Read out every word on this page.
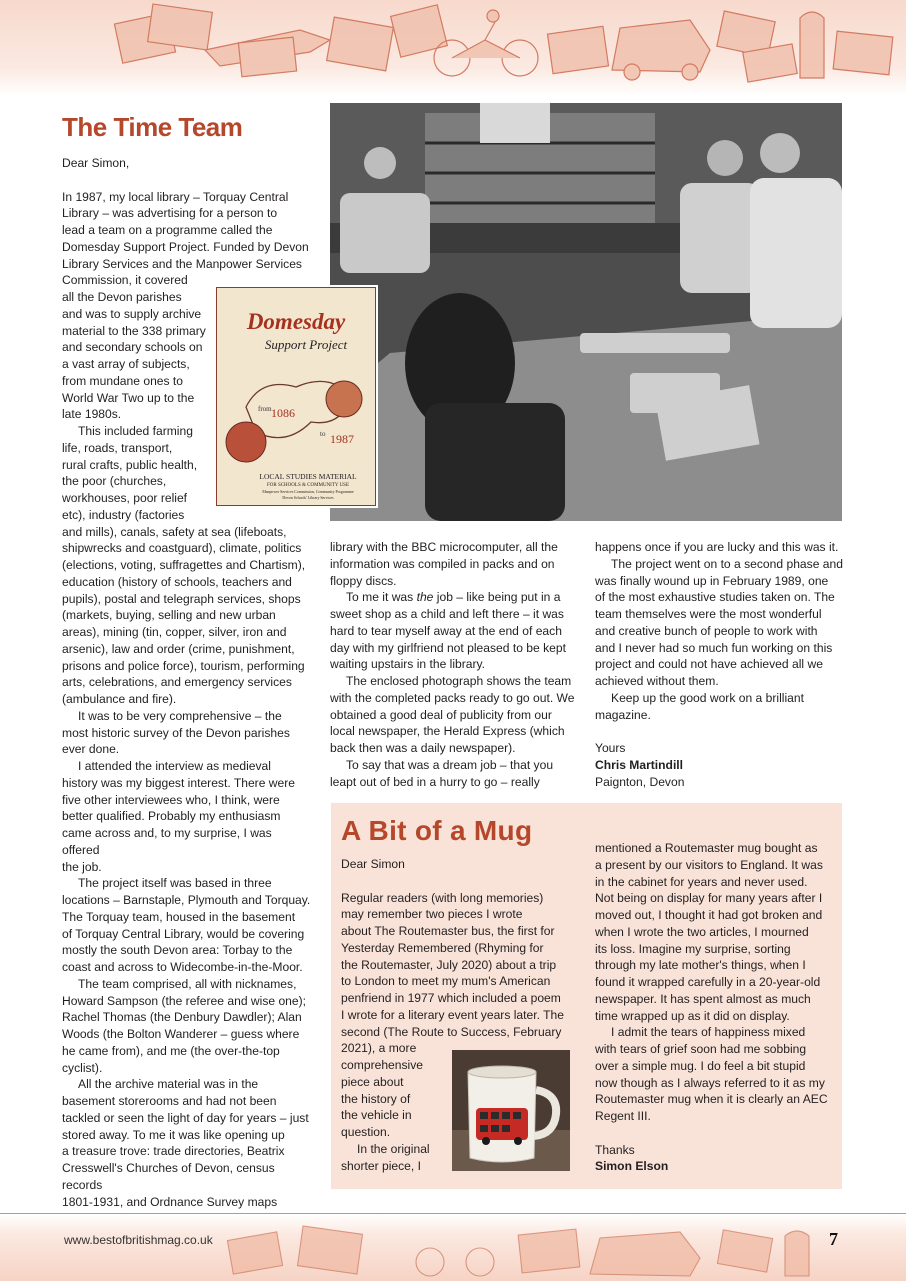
The Time Team

Dear Simon,

In 1987, my local library – Torquay Central

Library – was advertising for a person to

lead a team on a programme called the

Domesday Support Project. Funded by Devon

Library Services and the Manpower Services

Commission, it covered

all the Devon parishes

and was to supply archive

material to the 338 primary

and secondary schools on

a vast array of subjects,

from mundane ones to

World War Two up to the

late 1980s.

This included farming

life, roads, transport,

rural crafts, public health,

the poor (churches,

workhouses, poor relief

etc), industry (factories

and mills), canals, safety at sea (lifeboats,

shipwrecks and coastguard), climate, politics

(elections, voting, suffragettes and Chartism),

education (history of schools, teachers and

pupils), postal and telegraph services, shops

(markets, buying, selling and new urban

areas), mining (tin, copper, silver, iron and

arsenic), law and order (crime, punishment,

prisons and police force), tourism, performing

arts, celebrations, and emergency services

(ambulance and fire).

It was to be very comprehensive – the

most historic survey of the Devon parishes

ever done.

I attended the interview as medieval

history was my biggest interest. There were

five other interviewees who, I think, were

better qualified. Probably my enthusiasm

came across and, to my surprise, I was offered

the job.

The project itself was based in three

locations – Barnstaple, Plymouth and Torquay.

The Torquay team, housed in the basement

of Torquay Central Library, would be covering

mostly the south Devon area: Torbay to the

coast and across to Widecombe-in-the-Moor.

The team comprised, all with nicknames,

Howard Sampson (the referee and wise one);

Rachel Thomas (the Denbury Dawdler); Alan

Woods (the Bolton Wanderer – guess where

he came from), and me (the over-the-top

cyclist).

All the archive material was in the

basement storerooms and had not been

tackled or seen the light of day for years – just

stored away. To me it was like opening up

a treasure trove: trade directories, Beatrix

Cresswell's Churches of Devon, census records

1801-1931, and Ordnance Survey maps

Domesday
Support Project
from 1086
to 1987
LOCAL STUDIES MATERIAL
FOR SCHOOLS & COMMUNITY USE
Manpower Services Commission, Community Programme
Devon Schools' Library Services

library with the BBC microcomputer, all the

information was compiled in packs and on

floppy discs.

To me it was the job – like being put in a

sweet shop as a child and left there – it was

hard to tear myself away at the end of each

day with my girlfriend not pleased to be kept

waiting upstairs in the library.

The enclosed photograph shows the team

with the completed packs ready to go out. We

obtained a good deal of publicity from our

local newspaper, the Herald Express (which

back then was a daily newspaper).

To say that was a dream job – that you

leapt out of bed in a hurry to go – really

happens once if you are lucky and this was it.

The project went on to a second phase and

was finally wound up in February 1989, one

of the most exhaustive studies taken on. The

team themselves were the most wonderful

and creative bunch of people to work with

and I never had so much fun working on this

project and could not have achieved all we

achieved without them.

Keep up the good work on a brilliant

magazine.

Yours

Chris Martindill

Paignton, Devon

A Bit of a Mug

Dear Simon

Regular readers (with long memories)

may remember two pieces I wrote

about The Routemaster bus, the first for

Yesterday Remembered (Rhyming for

the Routemaster, July 2020) about a trip

to London to meet my mum's American

penfriend in 1977 which included a poem

I wrote for a literary event years later. The

second (The Route to Success, February

2021), a more

comprehensive

piece about

the history of

the vehicle in

question.

In the original

shorter piece, I

mentioned a Routemaster mug bought as

a present by our visitors to England. It was

in the cabinet for years and never used.

Not being on display for many years after I

moved out, I thought it had got broken and

when I wrote the two articles, I mourned

its loss. Imagine my surprise, sorting

through my late mother's things, when I

found it wrapped carefully in a 20-year-old

newspaper. It has spent almost as much

time wrapped up as it did on display.

I admit the tears of happiness mixed

with tears of grief soon had me sobbing

over a simple mug. I do feel a bit stupid

now though as I always referred to it as my

Routemaster mug when it is clearly an AEC

Regent III.

Thanks

Simon Elson

www.bestofbritishmag.co.uk	7
